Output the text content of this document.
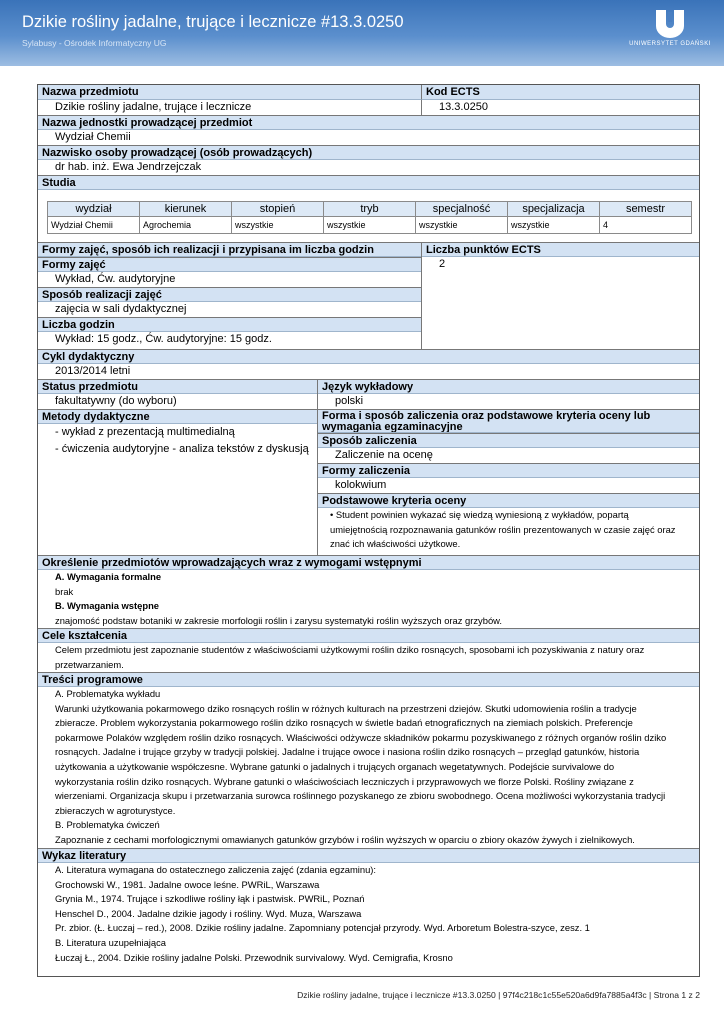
Dzikie rośliny jadalne, trujące i lecznicze #13.3.0250
Sylabusy - Ośrodek Informatyczny UG	UNIWERSYTET GDAŃSKI
Nazwa przedmiotu
Dzikie rośliny jadalne, trujące i lecznicze
Kod ECTS
13.3.0250
Nazwa jednostki prowadzącej przedmiot
Wydział Chemii
Nazwisko osoby prowadzącej (osób prowadzących)
dr hab. inż. Ewa Jendrzejczak
Studia
wydział	kierunek	stopień	tryb	specjalność	specjalizacja	semestr
Wydział Chemii	Agrochemia	wszystkie	wszystkie	wszystkie	wszystkie	4
Formy zajęć, sposób ich realizacji i przypisana im liczba godzin
Formy zajęć
Wykład, Ćw. audytoryjne
Sposób realizacji zajęć
zajęcia w sali dydaktycznej
Liczba godzin
Wykład: 15 godz., Ćw. audytoryjne: 15 godz.
Liczba punktów ECTS
2
Cykl dydaktyczny
2013/2014 letni
Status przedmiotu
fakultatywny (do wyboru)
Język wykładowy
polski
Metody dydaktyczne
- wykład z prezentacją multimedialną
- ćwiczenia audytoryjne - analiza tekstów z dyskusją
Forma i sposób zaliczenia oraz podstawowe kryteria oceny lub wymagania egzaminacyjne
Sposób zaliczenia
Zaliczenie na ocenę
Formy zaliczenia
kolokwium
Podstawowe kryteria oceny
• Student powinien wykazać się wiedzą wyniesioną z wykładów, popartą
umiejętnością rozpoznawania gatunków roślin prezentowanych w czasie zajęć oraz
znać ich właściwości użytkowe.
Określenie przedmiotów wprowadzających wraz z wymogami wstępnymi
A. Wymagania formalne
brak
B. Wymagania wstępne
znajomość podstaw botaniki w zakresie morfologii roślin i zarysu systematyki roślin wyższych oraz grzybów.
Cele kształcenia
Celem przedmiotu jest zapoznanie studentów z właściwościami użytkowymi roślin dziko rosnących, sposobami ich pozyskiwania z natury oraz
przetwarzaniem.
Treści programowe
A. Problematyka wykładu
Warunki użytkowania pokarmowego dziko rosnących roślin w różnych kulturach na przestrzeni dziejów. Skutki udomowienia roślin a tradycje
zbieracze. Problem wykorzystania pokarmowego roślin dziko rosnących w świetle badań etnograficznych na ziemiach polskich. Preferencje
pokarmowe Polaków względem roślin dziko rosnących. Właściwości odżywcze składników pokarmu pozyskiwanego z różnych organów roślin dziko
rosnących. Jadalne i trujące grzyby w tradycji polskiej. Jadalne i trujące owoce i nasiona roślin dziko rosnących – przegląd gatunków, historia
użytkowania a użytkowanie współczesne. Wybrane gatunki o jadalnych i trujących organach wegetatywnych. Podejście survivalowe do
wykorzystania roślin dziko rosnących. Wybrane gatunki o właściwościach leczniczych i przyprawowych we florze Polski. Rośliny związane z
wierzeniami. Organizacja skupu i przetwarzania surowca roślinnego pozyskanego ze zbioru swobodnego. Ocena możliwości wykorzystania tradycji
zbieraczych w agroturystyce.
B. Problematyka ćwiczeń
Zapoznanie z cechami morfologicznymi omawianych gatunków grzybów i roślin wyższych w oparciu o zbiory okazów żywych i zielnikowych.
Wykaz literatury
A. Literatura wymagana do ostatecznego zaliczenia zajęć (zdania egzaminu):
Grochowski W., 1981. Jadalne owoce leśne. PWRiL, Warszawa
Grynia M., 1974. Trujące i szkodliwe rośliny łąk i pastwisk. PWRiL, Poznań
Henschel D., 2004. Jadalne dzikie jagody i rośliny. Wyd. Muza, Warszawa
Pr. zbior. (Ł. Łuczaj – red.), 2008. Dzikie rośliny jadalne. Zapomniany potencjał przyrody. Wyd. Arboretum Bolestra-szyce, zesz. 1
B. Literatura uzupełniająca
Łuczaj Ł., 2004. Dzikie rośliny jadalne Polski. Przewodnik survivalowy. Wyd. Cemigrafia, Krosno
Dzikie rośliny jadalne, trujące i lecznicze #13.3.0250 | 97f4c218c1c55e520a6d9fa7885a4f3c | Strona 1 z 2
